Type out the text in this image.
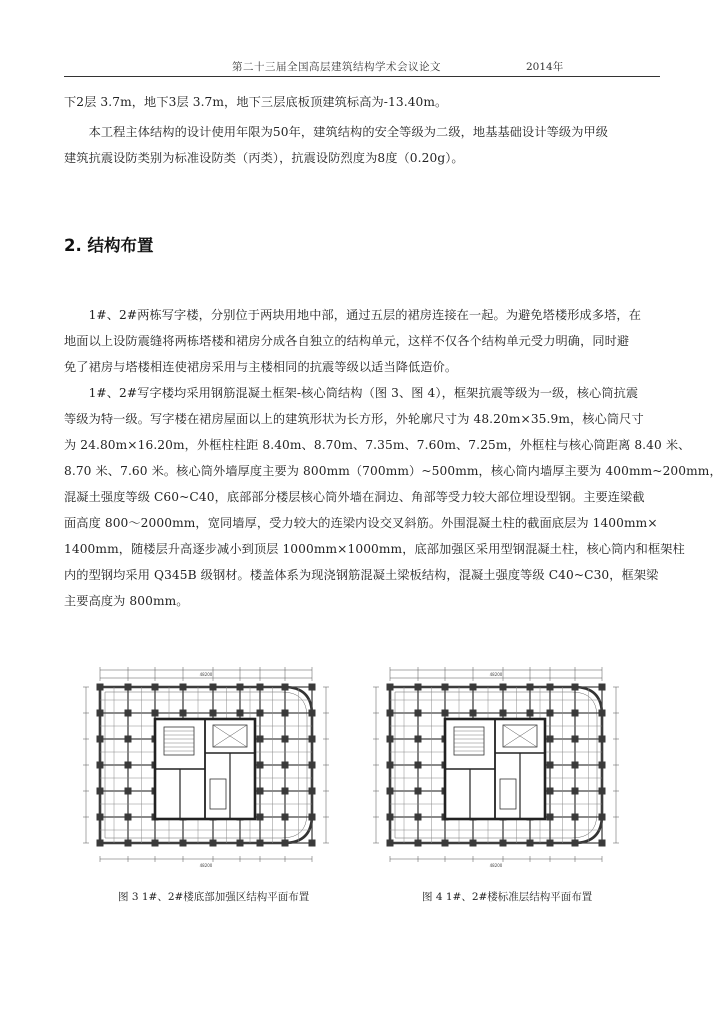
第二十三届全国高层建筑结构学术会议论文	2014年

下2层 3.7m，地下3层 3.7m，地下三层底板顶建筑标高为-13.40m。

　　本工程主体结构的设计使用年限为50年，建筑结构的安全等级为二级，地基基础设计等级为甲级
建筑抗震设防类别为标准设防类（丙类），抗震设防烈度为8度（0.20g）。

2. 结构布置

　　1#、2#两栋写字楼，分别位于两块用地中部，通过五层的裙房连接在一起。为避免塔楼形成多塔，在
地面以上设防震缝将两栋塔楼和裙房分成各自独立的结构单元，这样不仅各个结构单元受力明确，同时避
免了裙房与塔楼相连使裙房采用与主楼相同的抗震等级以适当降低造价。

　　1#、2#写字楼均采用钢筋混凝土框架-核心筒结构（图 3、图 4），框架抗震等级为一级，核心筒抗震
等级为特一级。写字楼在裙房屋面以上的建筑形状为长方形，外轮廓尺寸为 48.20m×35.9m，核心筒尺寸
为 24.80m×16.20m，外框柱柱距 8.40m、8.70m、7.35m、7.60m、7.25m，外框柱与核心筒距离 8.40 米、
8.70 米、7.60 米。核心筒外墙厚度主要为 800mm（700mm）~500mm，核心筒内墙厚主要为 400mm~200mm，
混凝土强度等级 C60~C40，底部部分楼层核心筒外墙在洞边、角部等受力较大部位埋设型钢。主要连梁截
面高度 800～2000mm，宽同墙厚，受力较大的连梁内设交叉斜筋。外围混凝土柱的截面底层为 1400mm×
1400mm，随楼层升高逐步减小到顶层 1000mm×1000mm，底部加强区采用型钢混凝土柱，核心筒内和框架柱
内的型钢均采用 Q345B 级钢材。楼盖体系为现浇钢筋混凝土梁板结构，混凝土强度等级 C40~C30，框架梁
主要高度为 800mm。

48200
48200
48200
48200
图 3 1#、2#楼底部加强区结构平面布置	图 4 1#、2#楼标准层结构平面布置
